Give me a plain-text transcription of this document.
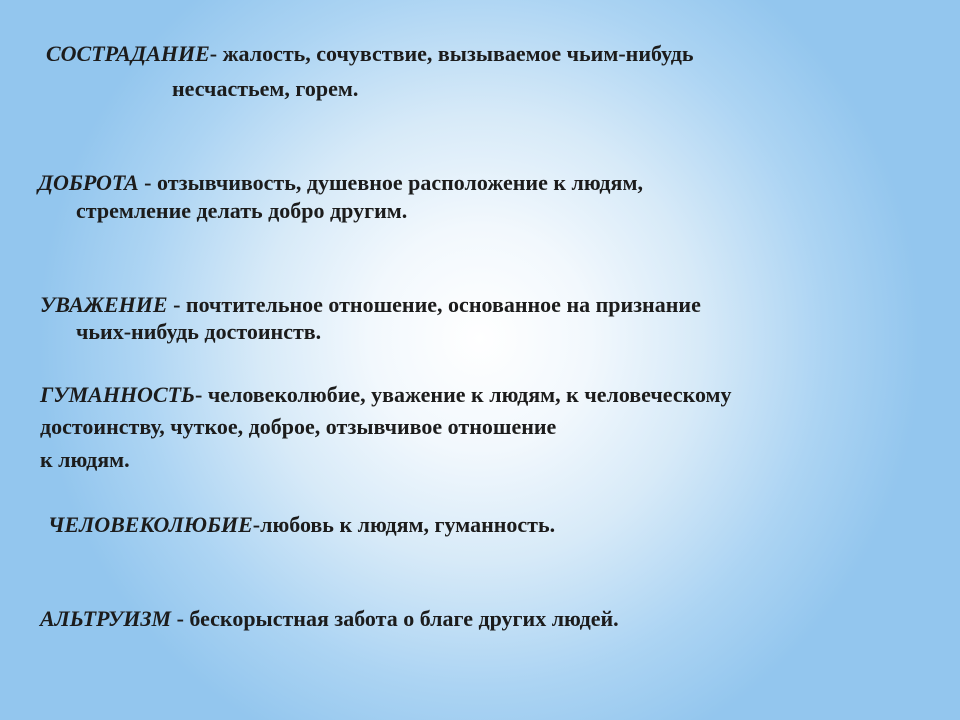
СОСТРАДАНИЕ- жалость, сочувствие, вызываемое чьим-нибудь

несчастьем, горем.

ДОБРОТА - отзывчивость, душевное расположение к людям,

стремление делать добро другим.

УВАЖЕНИЕ - почтительное отношение, основанное на признание

чьих-нибудь достоинств.

ГУМАННОСТЬ- человеколюбие, уважение к людям, к человеческому

достоинству, чуткое, доброе, отзывчивое отношение

к людям.

ЧЕЛОВЕКОЛЮБИЕ-любовь к людям, гуманность.

АЛЬТРУИЗМ - бескорыстная забота о благе других людей.
